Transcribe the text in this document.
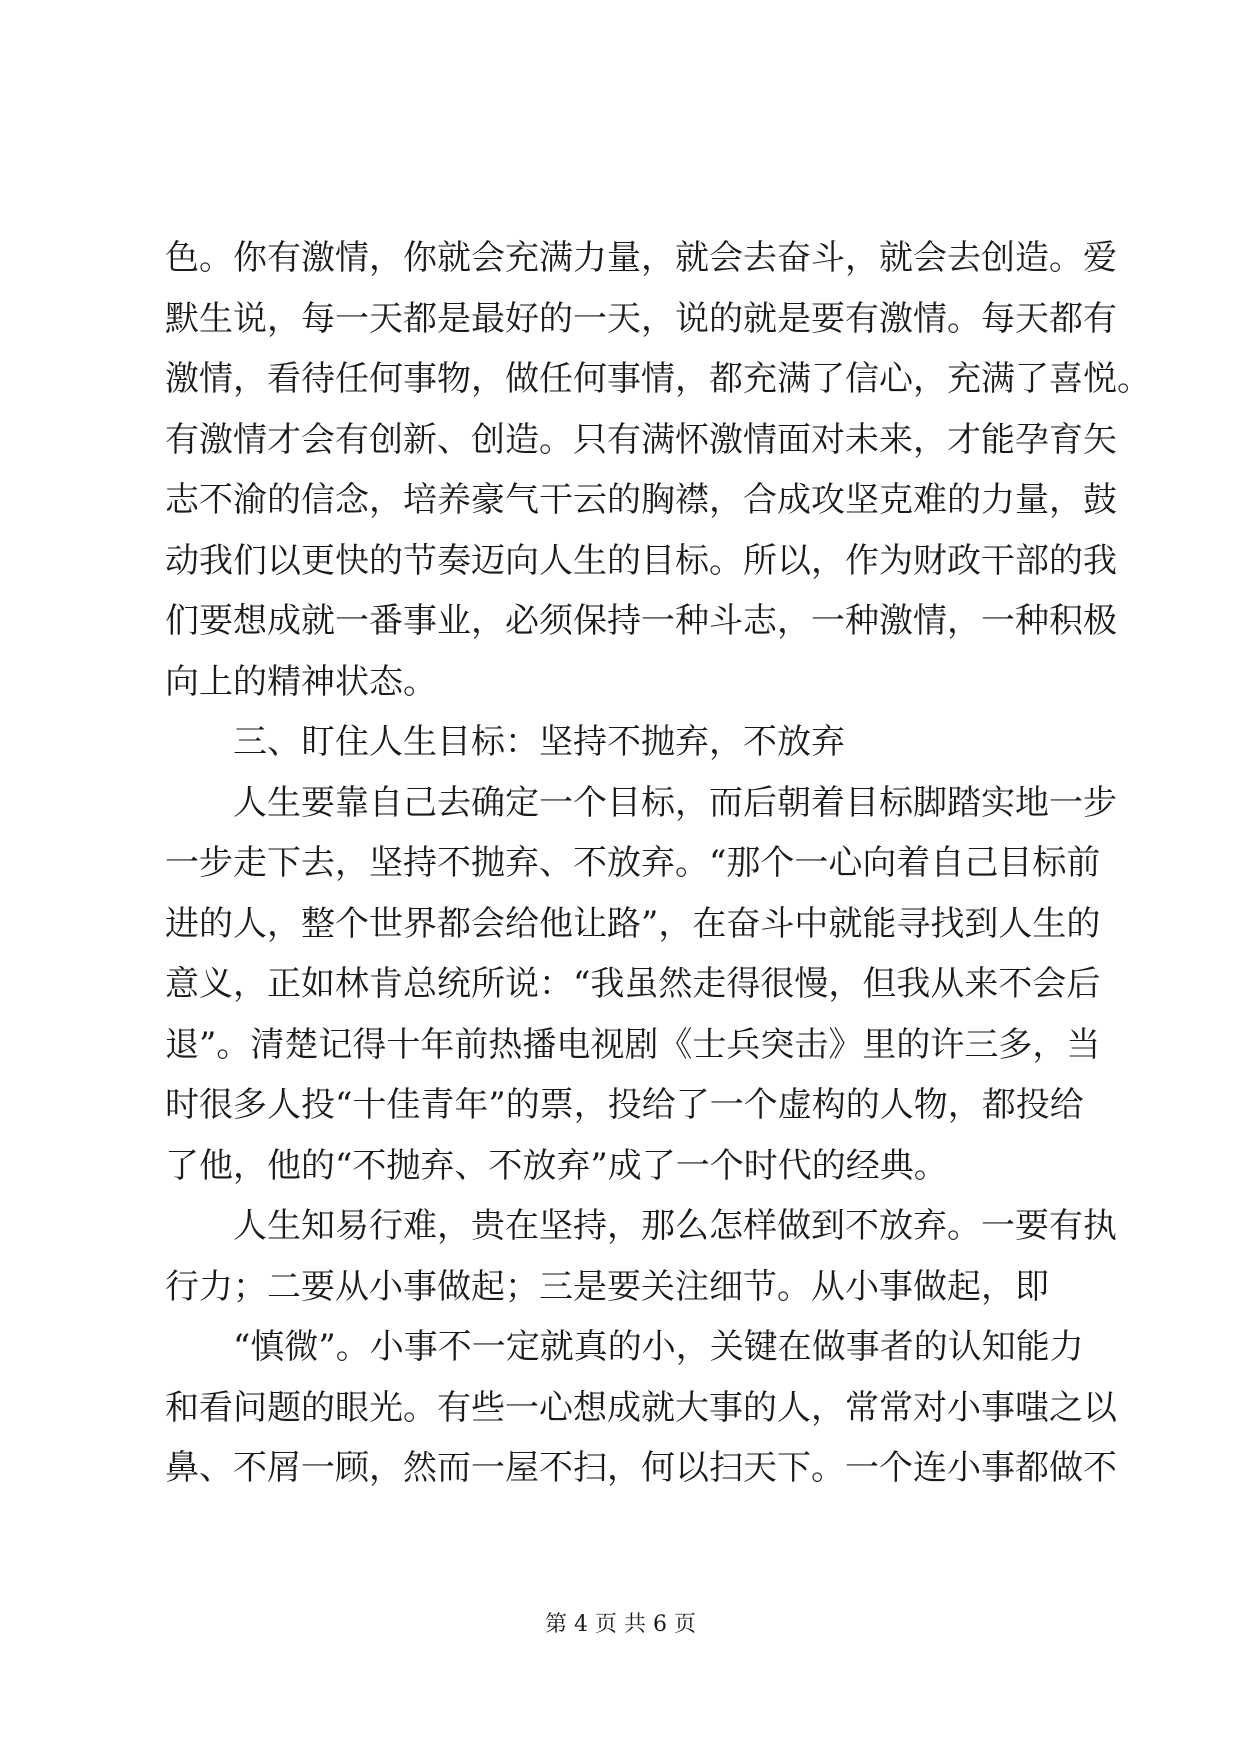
色。你有激情，你就会充满力量，就会去奋斗，就会去创造。爱
默生说，每一天都是最好的一天，说的就是要有激情。每天都有
激情，看待任何事物，做任何事情，都充满了信心，充满了喜悦。
有激情才会有创新、创造。只有满怀激情面对未来，才能孕育矢
志不渝的信念，培养豪气干云的胸襟，合成攻坚克难的力量，鼓
动我们以更快的节奏迈向人生的目标。所以，作为财政干部的我
们要想成就一番事业，必须保持一种斗志，一种激情，一种积极
向上的精神状态。
三、盯住人生目标：坚持不抛弃，不放弃
人生要靠自己去确定一个目标，而后朝着目标脚踏实地一步
一步走下去，坚持不抛弃、不放弃。“那个一心向着自己目标前
进的人，整个世界都会给他让路”，在奋斗中就能寻找到人生的
意义，正如林肯总统所说：“我虽然走得很慢，但我从来不会后
退”。清楚记得十年前热播电视剧《士兵突击》里的许三多，当
时很多人投“十佳青年”的票，投给了一个虚构的人物，都投给
了他，他的“不抛弃、不放弃”成了一个时代的经典。
人生知易行难，贵在坚持，那么怎样做到不放弃。一要有执
行力；二要从小事做起；三是要关注细节。从小事做起，即
“慎微”。小事不一定就真的小，关键在做事者的认知能力
和看问题的眼光。有些一心想成就大事的人，常常对小事嗤之以
鼻、不屑一顾，然而一屋不扫，何以扫天下。一个连小事都做不
第 4 页 共 6 页
